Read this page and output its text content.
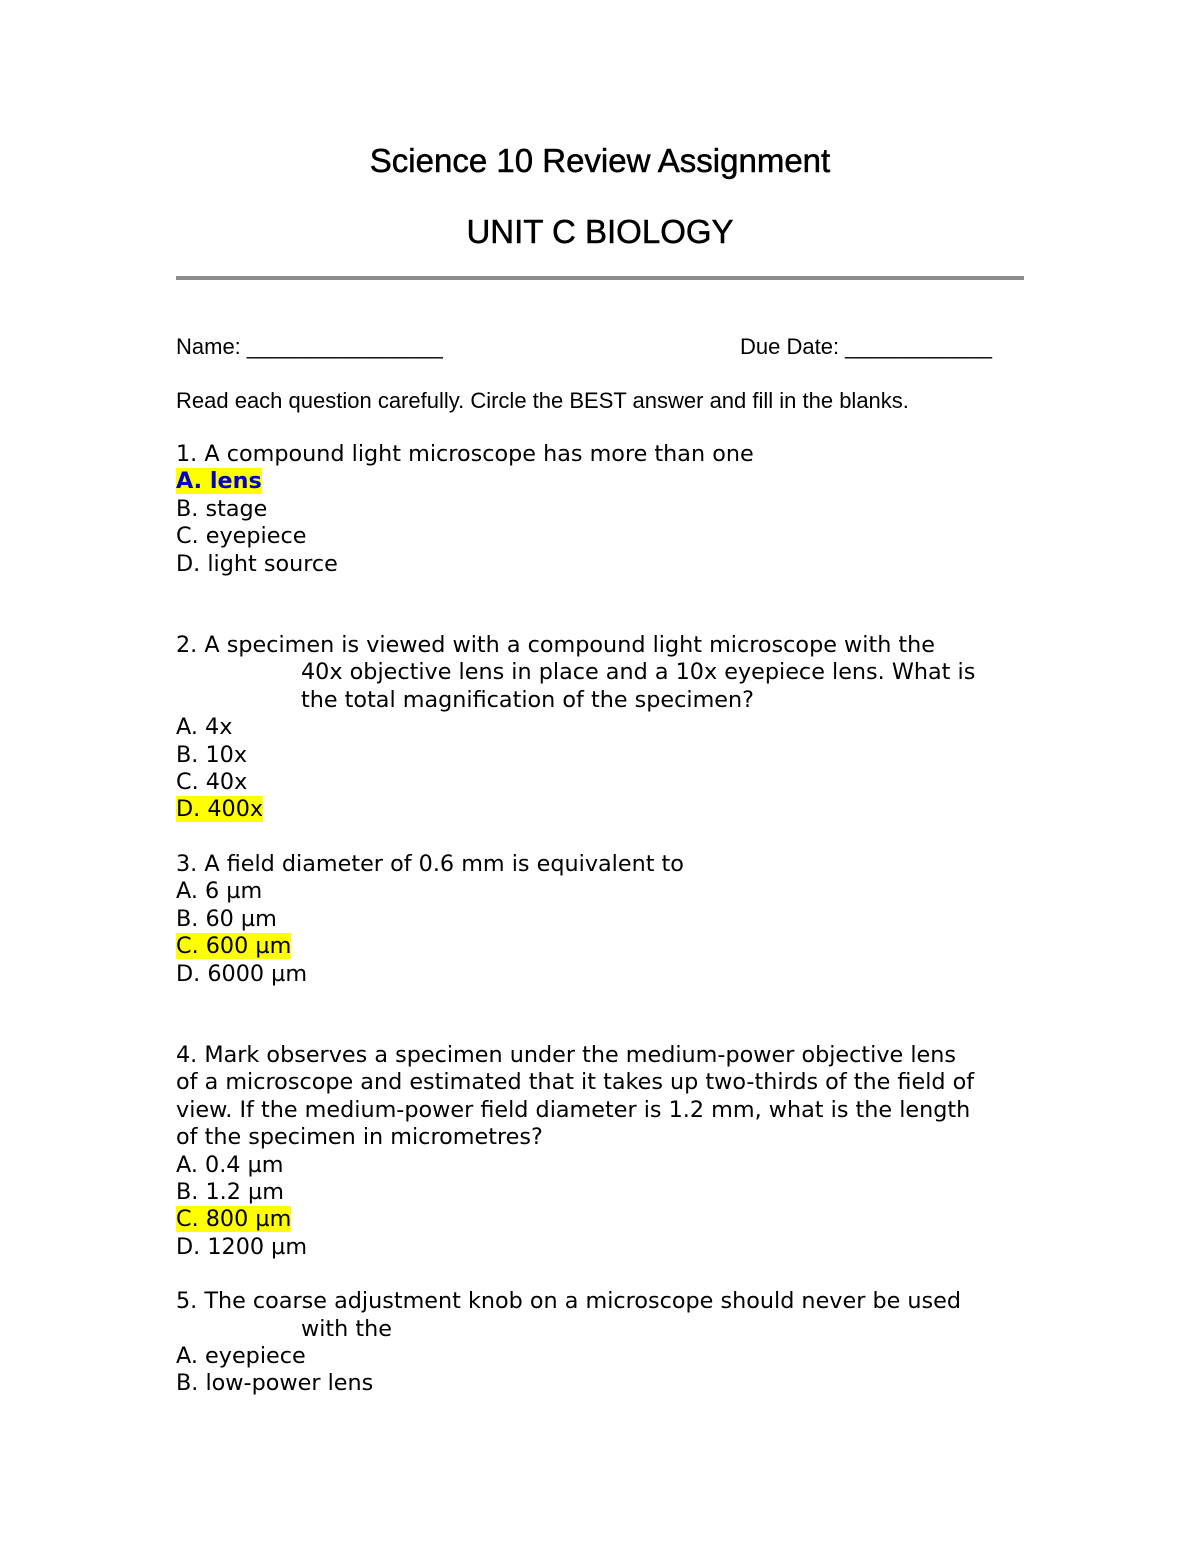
Science 10 Review Assignment
UNIT C BIOLOGY
Name: ________________	Due Date: ____________
Read each question carefully. Circle the BEST answer and fill in the blanks.

1. A compound light microscope has more than one

A. lens

B. stage

C. eyepiece

D. light source

2. A specimen is viewed with a compound light microscope with the

40x objective lens in place and a 10x eyepiece lens. What is

the total magnification of the specimen?

A. 4x

B. 10x

C. 40x

D. 400x

3. A field diameter of 0.6 mm is equivalent to

A. 6 µm

B. 60 µm

C. 600 µm

D. 6000 µm

4. Mark observes a specimen under the medium-power objective lens

of a microscope and estimated that it takes up two-thirds of the field of

view. If the medium-power field diameter is 1.2 mm, what is the length

of the specimen in micrometres?

A. 0.4 µm

B. 1.2 µm

C. 800 µm

D. 1200 µm

5. The coarse adjustment knob on a microscope should never be used

with the

A. eyepiece

B. low-power lens
